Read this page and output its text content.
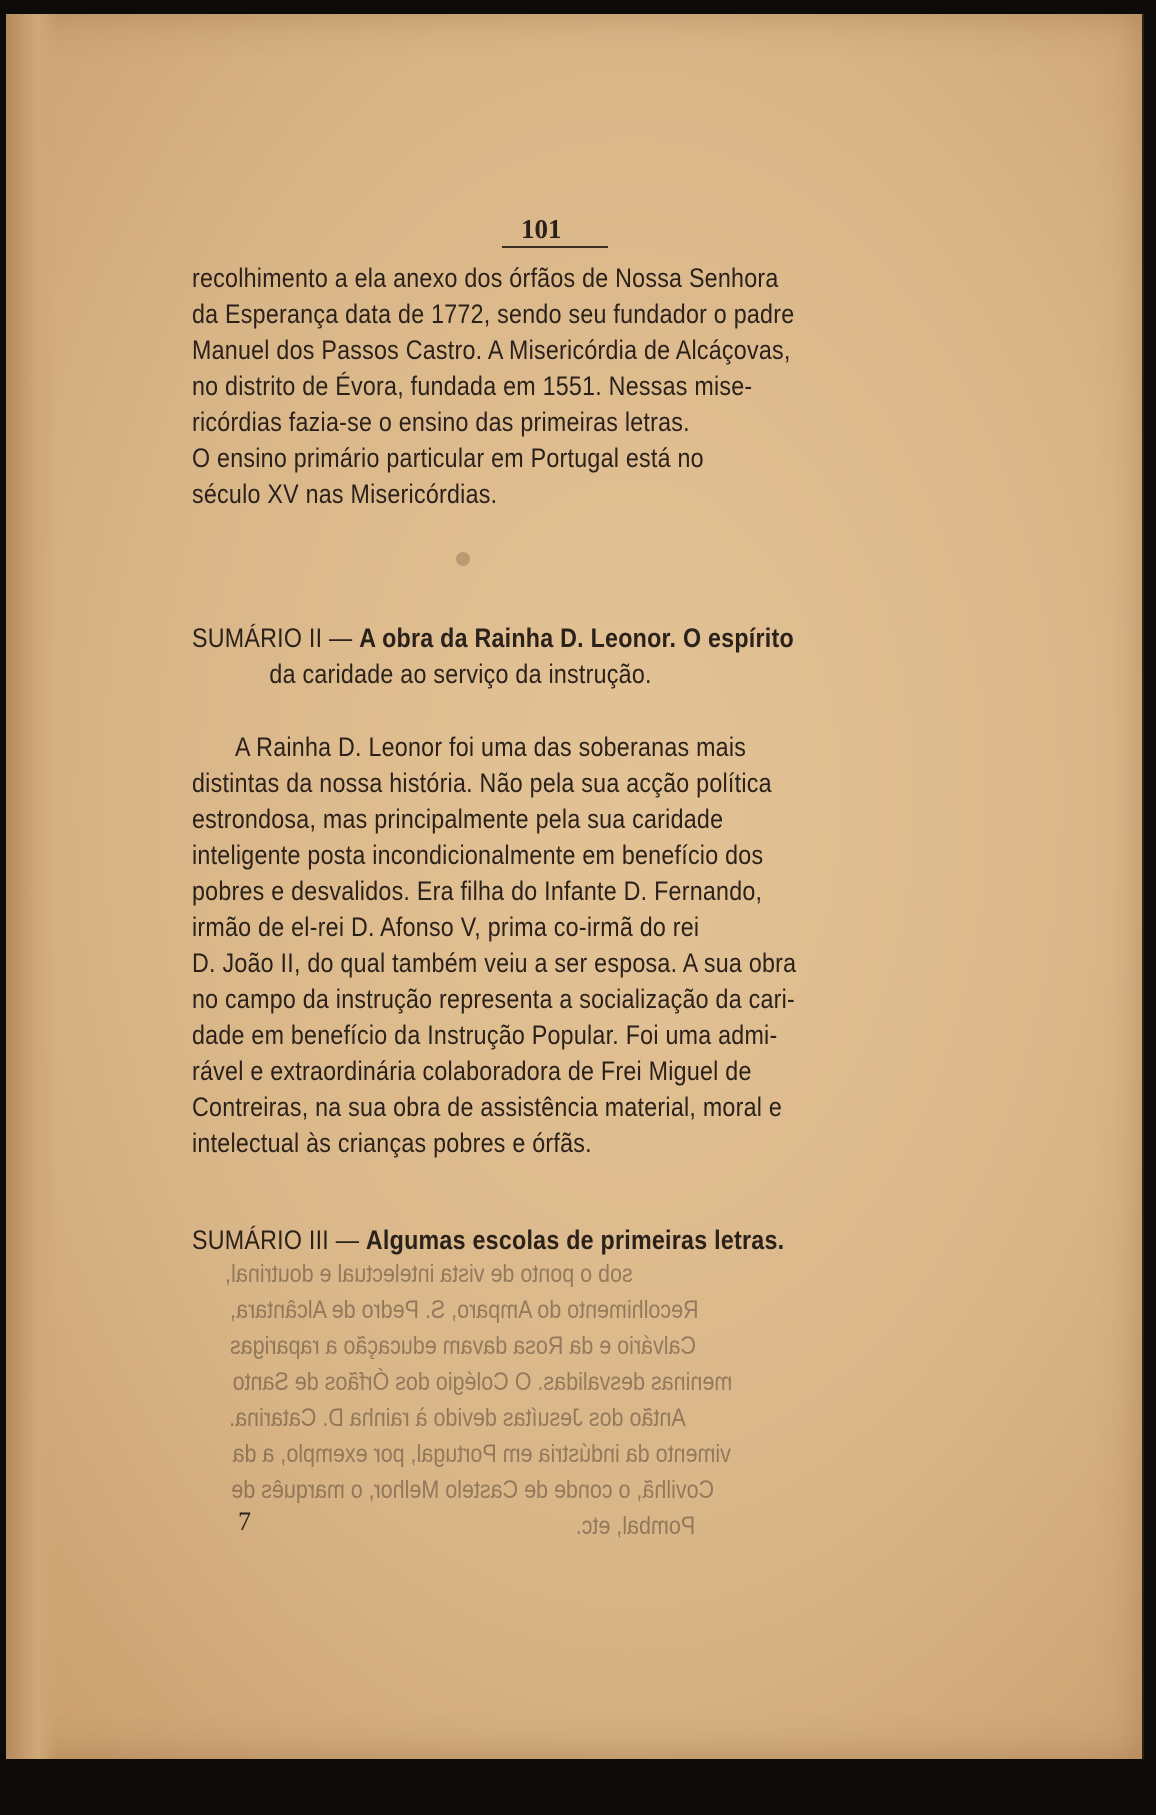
101

recolhimento a ela anexo dos órfãos de Nossa Senhora

da Esperança data de 1772, sendo seu fundador o padre

Manuel dos Passos Castro. A Misericórdia de Alcáçovas,

no distrito de Évora, fundada em 1551. Nessas mise-

ricórdias fazia-se o ensino das primeiras letras.

O ensino primário particular em Portugal está no

século XV nas Misericórdias.

SUMÁRIO II — A obra da Rainha D. Leonor. O espírito

da caridade ao serviço da instrução.

A Rainha D. Leonor foi uma das soberanas mais

distintas da nossa história. Não pela sua acção política

estrondosa, mas principalmente pela sua caridade

inteligente posta incondicionalmente em benefício dos

pobres e desvalidos. Era filha do Infante D. Fernando,

irmão de el-rei D. Afonso V, prima co-irmã do rei

D. João II, do qual também veiu a ser esposa. A sua obra

no campo da instrução representa a socialização da cari-

dade em benefício da Instrução Popular. Foi uma admi-

rável e extraordinária colaboradora de Frei Miguel de

Contreiras, na sua obra de assistência material, moral e

intelectual às crianças pobres e órfãs.

SUMÁRIO III — Algumas escolas de primeiras letras.

sob o ponto de vista intelectual e doutrinal,
Recolhimento do Amparo, S. Pedro de Alcântara,
Calvário e da Rosa davam educação a raparigas
meninas desvalidas. O Colégio dos Órfãos de Santo
Antão dos Jesuítas devido à rainha D. Catarina.
vimento da indústria em Portugal, por exemplo, a da
Covilhã, o conde de Castelo Melhor, o marquês de
Pombal, etc.
7
